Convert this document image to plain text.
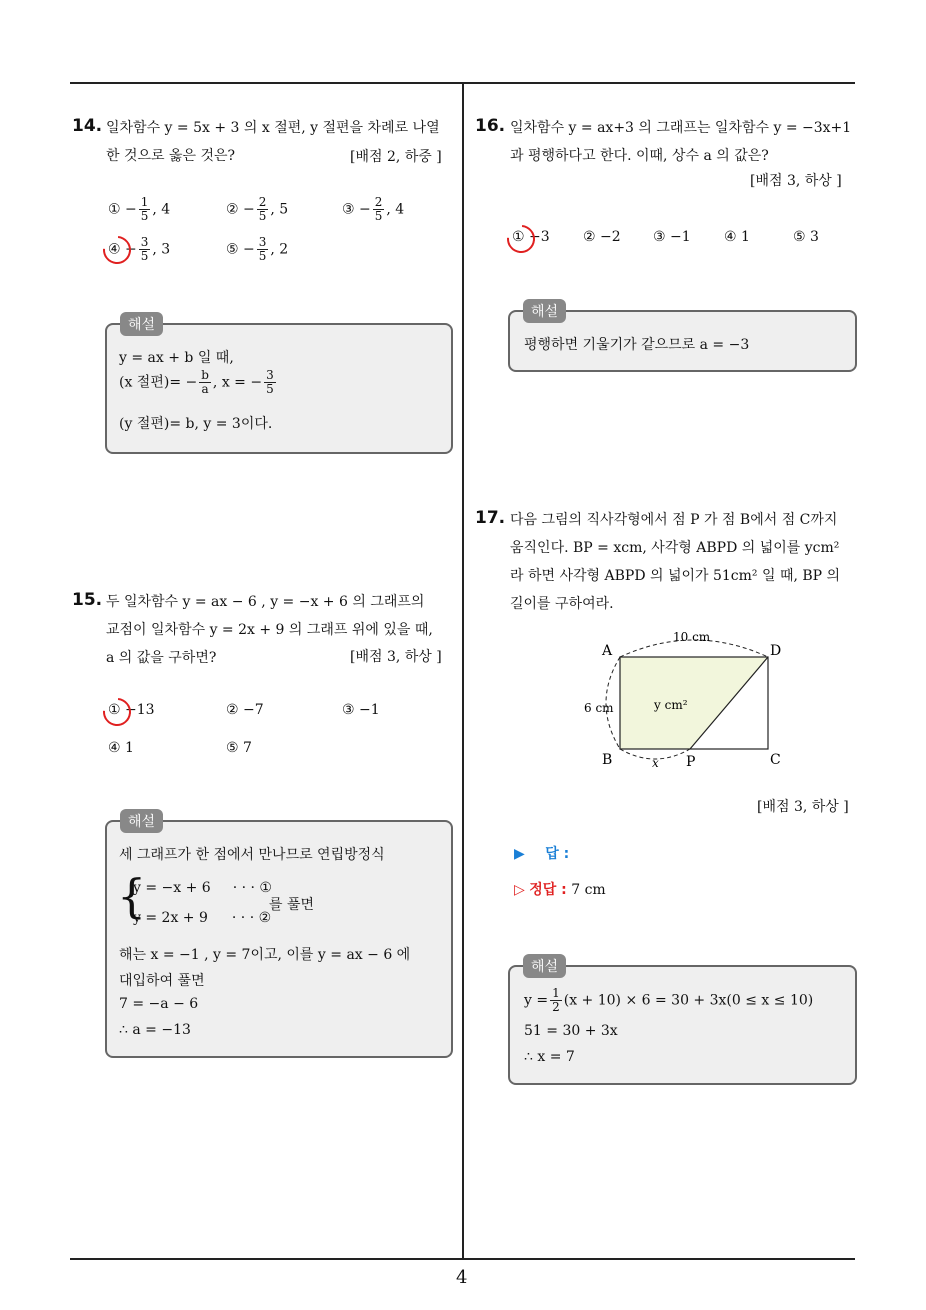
4
14. 일차함수 y = 5x + 3 의 x 절편, y 절편을 차례로 나열
한 것으로 옳은 것은?	[배점 2, 하중 ]
① − $\frac{1}{5}$ , 4	② − $\frac{2}{5}$ , 5	③ − $\frac{2}{5}$ , 4
④ − $\frac{3}{5}$ , 3	⑤ − $\frac{3}{5}$ , 2
y = ax + b 일 때,
(x 절편)= − $\frac{b}{a}$ , x = − $\frac{3}{5}$
(y 절편)= b, y = 3이다.
해설
15. 두 일차함수 y = ax − 6 , y = −x + 6 의 그래프의
교점이 일차함수 y = 2x + 9 의 그래프 위에 있을 때,
a 의 값을 구하면?	[배점 3, 하상 ]
① −13	② −7	③ −1
④ 1	⑤ 7
세 그래프가 한 점에서 만나므로 연립방정식
{
y = −x + 6 · · · ①
y = 2x + 9 · · · ②
를 풀면
해는 x = −1 , y = 7이고, 이를 y = ax − 6 에
대입하여 풀면
7 = −a − 6
∴ a = −13
해설
16. 일차함수 y = ax+3 의 그래프는 일차함수 y = −3x+1
과 평행하다고 한다. 이때, 상수 a 의 값은?
[배점 3, 하상 ]
① −3 ② −2 ③ −1 ④ 1	⑤ 3
평행하면 기울기가 같으므로 a = −3
해설
17. 다음 그림의 직사각형에서 점 P 가 점 B에서 점 C까지
움직인다. BP = xcm, 사각형 ABPD 의 넓이를 ycm²
라 하면 사각형 ABPD 의 넓이가 51cm² 일 때, BP 의
길이를 구하여라.
A	D
B	C
P
10 cm
6 cm
x
y cm²
[배점 3, 하상 ]
▶ 답 :
▷ 정답 : 7 cm
$y = \frac{1}{2} (x + 10) \times 6 = 30 + 3x(0 \le x \le 10)$
51 = 30 + 3x
∴ x = 7
해설
